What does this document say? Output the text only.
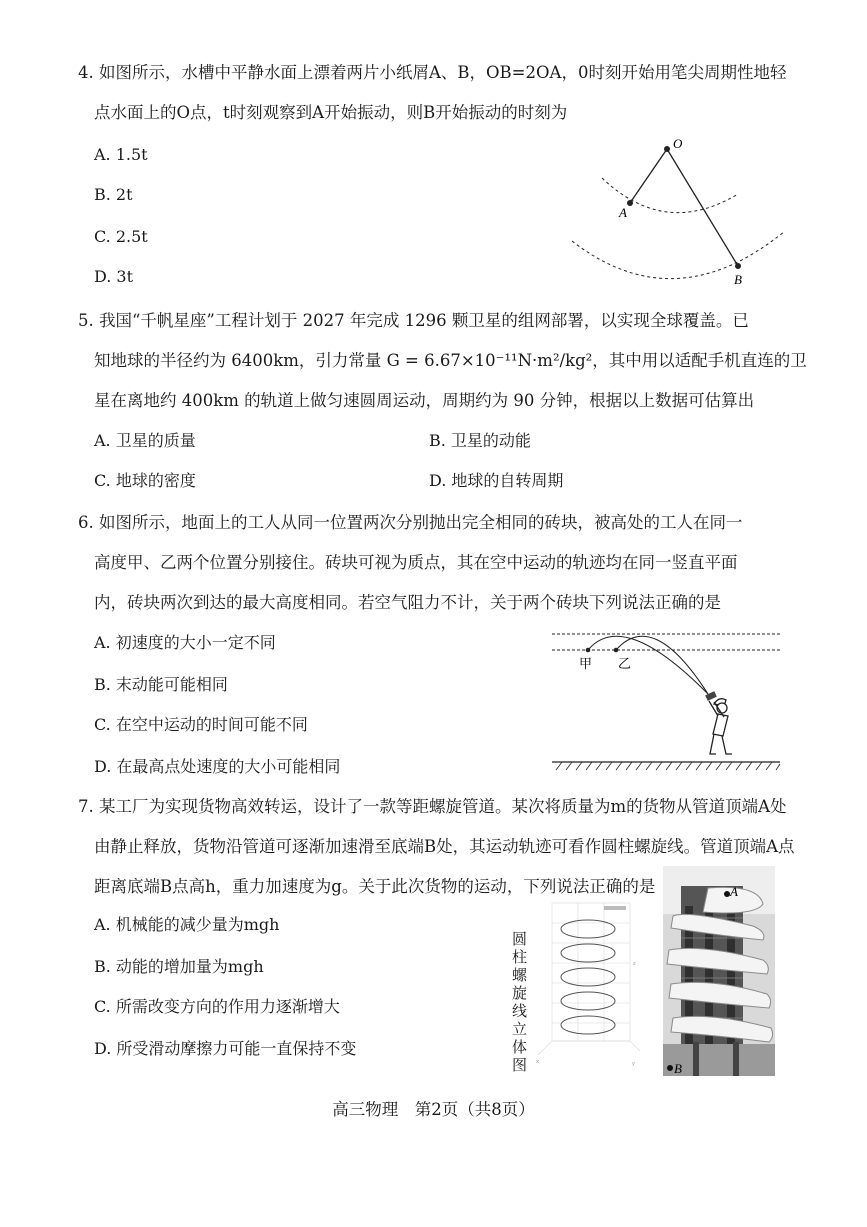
4. 如图所示，水槽中平静水面上漂着两片小纸屑A、B，OB=2OA，0时刻开始用笔尖周期性地轻
点水面上的O点，t时刻观察到A开始振动，则B开始振动的时刻为
A. 1.5t
B. 2t
C. 2.5t
D. 3t
O
A
B
5. 我国“千帆星座”工程计划于 2027 年完成 1296 颗卫星的组网部署，以实现全球覆盖。已
知地球的半径约为 6400km，引力常量 G = 6.67×10⁻¹¹N·m²/kg²，其中用以适配手机直连的卫
星在离地约 400km 的轨道上做匀速圆周运动，周期约为 90 分钟，根据以上数据可估算出
A. 卫星的质量	B. 卫星的动能
C. 地球的密度	D. 地球的自转周期
6. 如图所示，地面上的工人从同一位置两次分别抛出完全相同的砖块，被高处的工人在同一
高度甲、乙两个位置分别接住。砖块可视为质点，其在空中运动的轨迹均在同一竖直平面
内，砖块两次到达的最大高度相同。若空气阻力不计，关于两个砖块下列说法正确的是
A. 初速度的大小一定不同
B. 末动能可能相同
C. 在空中运动的时间可能不同
D. 在最高点处速度的大小可能相同
甲 乙
7. 某工厂为实现货物高效转运，设计了一款等距螺旋管道。某次将质量为m的货物从管道顶端A处
由静止释放，货物沿管道可逐渐加速滑至底端B处，其运动轨迹可看作圆柱螺旋线。管道顶端A点
距离底端B点高h，重力加速度为g。关于此次货物的运动，下列说法正确的是
A. 机械能的减少量为mgh
B. 动能的增加量为mgh
C. 所需改变方向的作用力逐渐增大
D. 所受滑动摩擦力可能一直保持不变
圆柱螺旋线立体图	x	y
z
A
B
高三物理　第2页（共8页）
